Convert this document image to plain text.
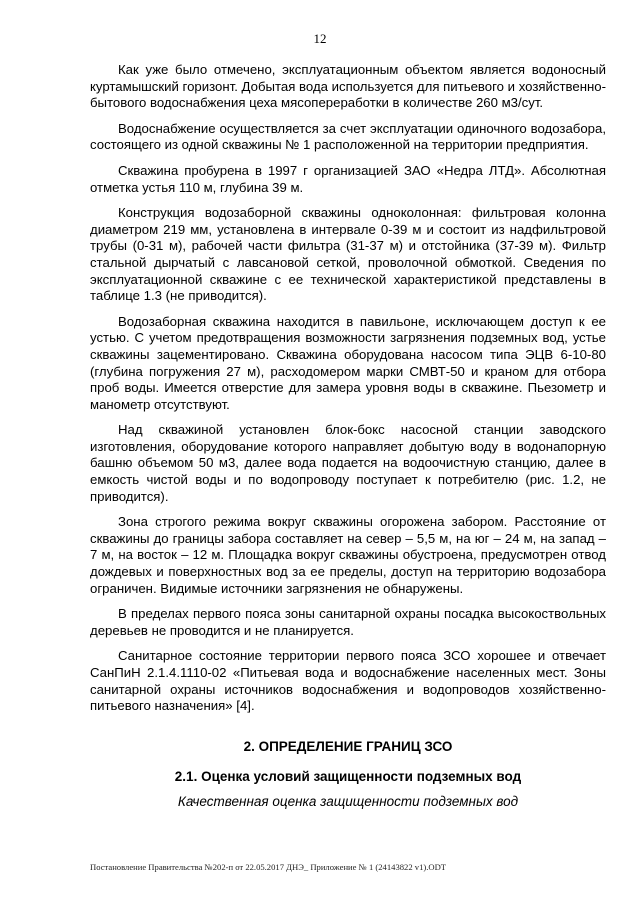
12

Как уже было отмечено, эксплуатационным объектом является водоносный куртамышский горизонт. Добытая вода используется для питьевого и хозяйственно-бытового водоснабжения цеха мясопереработки в количестве 260 м3/сут.

Водоснабжение осуществляется за счет эксплуатации одиночного водозабора, состоящего из одной скважины № 1 расположенной на территории предприятия.

Скважина пробурена в 1997 г организацией ЗАО «Недра ЛТД». Абсолютная отметка устья 110 м, глубина 39 м.

Конструкция водозаборной скважины одноколонная: фильтровая колонна диаметром 219 мм, установлена в интервале 0-39 м и состоит из надфильтровой трубы (0-31 м), рабочей части фильтра (31-37 м) и отстойника (37-39 м). Фильтр стальной дырчатый с лавсановой сеткой, проволочной обмоткой. Сведения по эксплуатационной скважине с ее технической характеристикой представлены в таблице 1.3 (не приводится).

Водозаборная скважина находится в павильоне, исключающем доступ к ее устью. С учетом предотвращения возможности загрязнения подземных вод, устье скважины зацементировано. Скважина оборудована насосом типа ЭЦВ 6-10-80 (глубина погружения 27 м), расходомером марки СМВТ-50 и краном для отбора проб воды. Имеется отверстие для замера уровня воды в скважине. Пьезометр и манометр отсутствуют.

Над скважиной установлен блок-бокс насосной станции заводского изготовления, оборудование которого направляет добытую воду в водонапорную башню объемом 50 м3, далее вода подается на водоочистную станцию, далее в емкость чистой воды и по водопроводу поступает к потребителю (рис. 1.2, не приводится).

Зона строгого режима вокруг скважины огорожена забором. Расстояние от скважины до границы забора составляет на север – 5,5 м, на юг – 24 м, на запад – 7 м, на восток – 12 м. Площадка вокруг скважины обустроена, предусмотрен отвод дождевых и поверхностных вод за ее пределы, доступ на территорию водозабора ограничен. Видимые источники загрязнения не обнаружены.

В пределах первого пояса зоны санитарной охраны посадка высокоствольных деревьев не проводится и не планируется.

Санитарное состояние территории первого пояса ЗСО хорошее и отвечает СанПиН 2.1.4.1110-02 «Питьевая вода и водоснабжение населенных мест. Зоны санитарной охраны источников водоснабжения и водопроводов хозяйственно-питьевого назначения» [4].

2. ОПРЕДЕЛЕНИЕ ГРАНИЦ ЗСО
2.1. Оценка условий защищенности подземных вод
Качественная оценка защищенности подземных вод
Постановление Правительства №202-п от 22.05.2017 ДНЭ_ Приложение № 1 (24143822 v1).ODT
